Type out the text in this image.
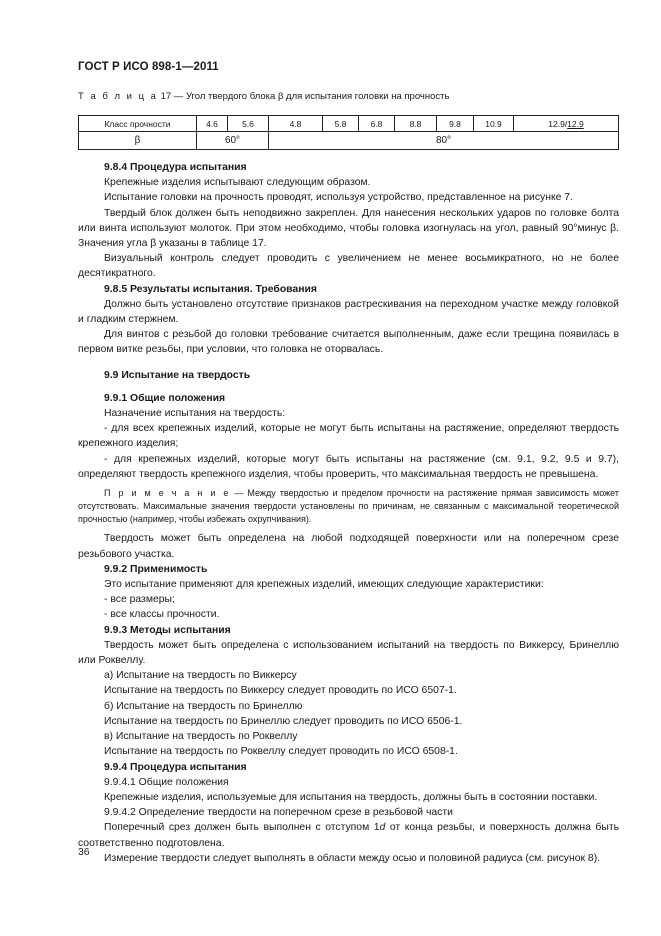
ГОСТ Р ИСО 898-1—2011
Т а б л и ц а 17 — Угол твердого блока β для испытания головки на прочность
Класс прочности	4.6	5.6	4.8	5.8	6.8	8.8	9.8	10.9	12.9/12.9
β	60°		80°						

9.8.4 Процедура испытания

Крепежные изделия испытывают следующим образом.

Испытание головки на прочность проводят, используя устройство, представленное на рисунке 7.

Твердый блок должен быть неподвижно закреплен. Для нанесения нескольких ударов по головке болта или винта используют молоток. При этом необходимо, чтобы головка изогнулась на угол, равный 90°минус β. Значения угла β указаны в таблице 17.

Визуальный контроль следует проводить с увеличением не менее восьмикратного, но не более десятикратного.

9.8.5 Результаты испытания. Требования

Должно быть установлено отсутствие признаков растрескивания на переходном участке между головкой и гладким стержнем.

Для винтов с резьбой до головки требование считается выполненным, даже если трещина появилась в первом витке резьбы, при условии, что головка не оторвалась.

9.9 Испытание на твердость

9.9.1 Общие положения

Назначение испытания на твердость:

- для всех крепежных изделий, которые не могут быть испытаны на растяжение, определяют твердость крепежного изделия;

- для крепежных изделий, которые могут быть испытаны на растяжение (см. 9.1, 9.2, 9.5 и 9.7), определяют твердость крепежного изделия, чтобы проверить, что максимальная твердость не превышена.

П р и м е ч а н и е — Между твердостью и пределом прочности на растяжение прямая зависимость может отсутствовать. Максимальные значения твердости установлены по причинам, не связанным с максимальной теоретической прочностью (например, чтобы избежать охрупчивания).

Твердость может быть определена на любой подходящей поверхности или на поперечном срезе резьбового участка.

9.9.2 Применимость

Это испытание применяют для крепежных изделий, имеющих следующие характеристики:

- все размеры;

- все классы прочности.

9.9.3 Методы испытания

Твердость может быть определена с использованием испытаний на твердость по Виккерсу, Бринеллю или Роквеллу.

а) Испытание на твердость по Виккерсу

Испытание на твердость по Виккерсу следует проводить по ИСО 6507-1.

б) Испытание на твердость по Бринеллю

Испытание на твердость по Бринеллю следует проводить по ИСО 6506-1.

в) Испытание на твердость по Роквеллу

Испытание на твердость по Роквеллу следует проводить по ИСО 6508-1.

9.9.4 Процедура испытания

9.9.4.1 Общие положения

Крепежные изделия, используемые для испытания на твердость, должны быть в состоянии поставки.

9.9.4.2 Определение твердости на поперечном срезе в резьбовой части

Поперечный срез должен быть выполнен с отступом 1d от конца резьбы, и поверхность должна быть соответственно подготовлена.

Измерение твердости следует выполнять в области между осью и половиной радиуса (см. рисунок 8).

36
